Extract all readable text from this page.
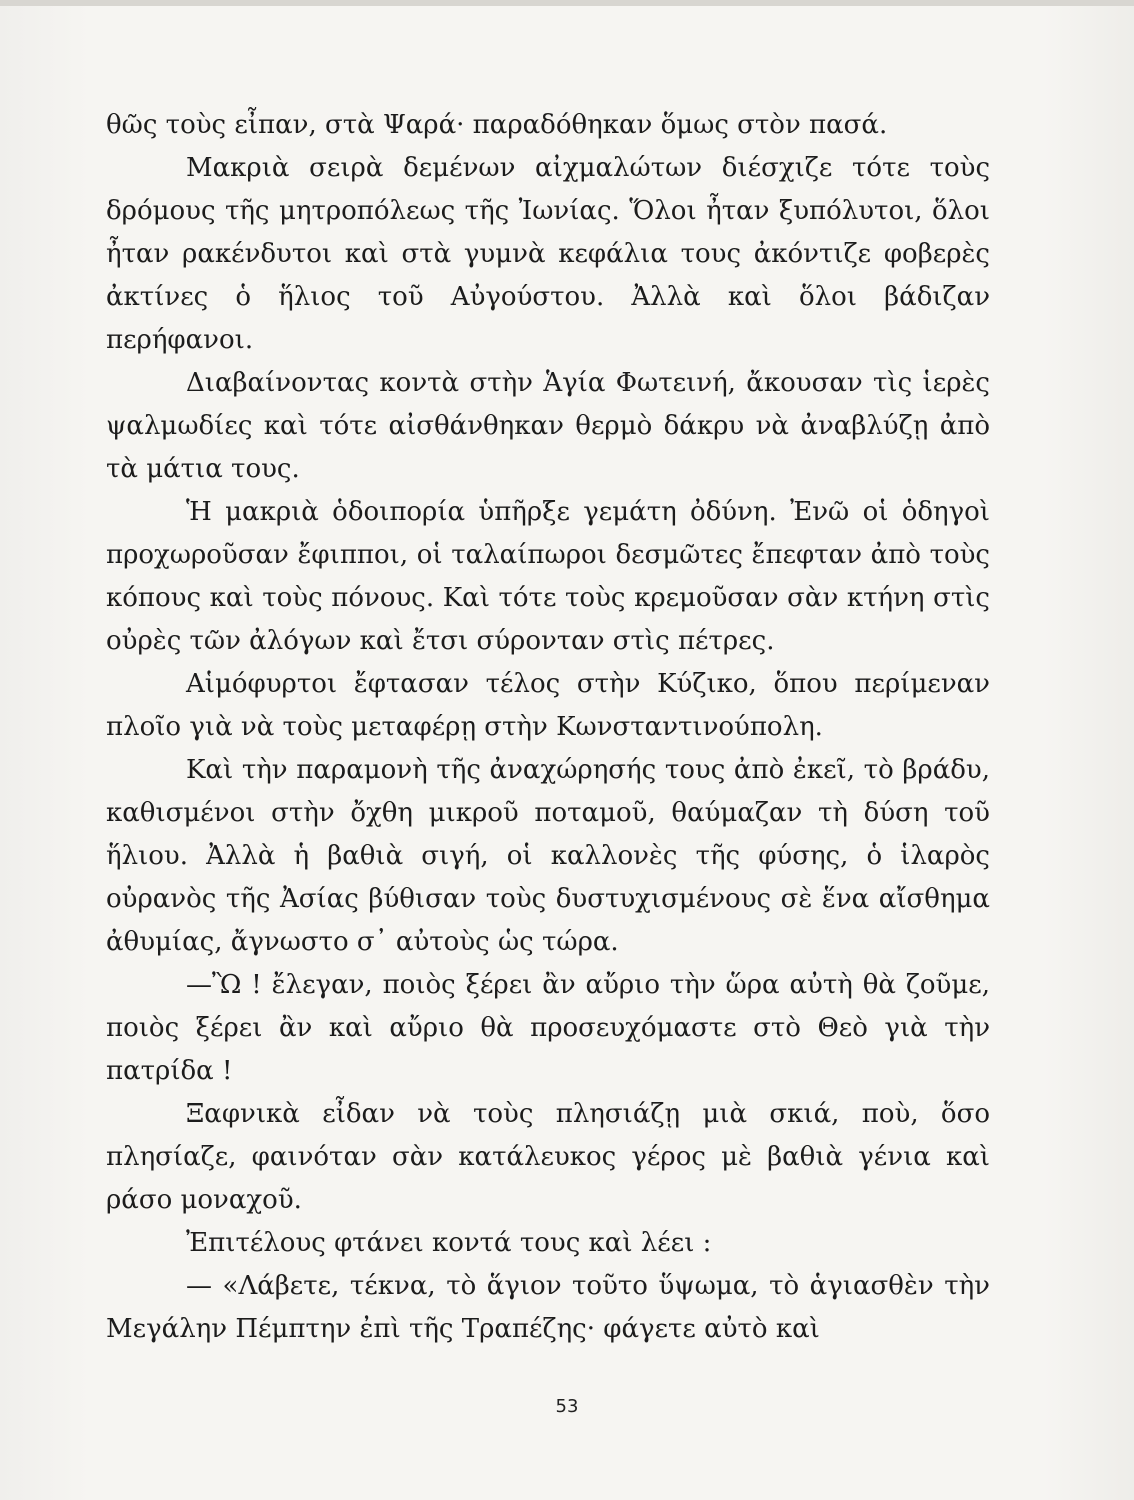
θῶς τοὺς εἶπαν, στὰ Ψαρά· παραδόθηκαν ὅμως στὸν πασά.

Μακριὰ σειρὰ δεμένων αἰχμαλώτων διέσχιζε τότε τοὺς δρόμους τῆς μητροπόλεως τῆς Ἰωνίας. Ὅλοι ἦταν ξυπόλυτοι, ὅλοι ἦταν ρακένδυτοι καὶ στὰ γυμνὰ κεφάλια τους ἀκόντιζε φοβερὲς ἀκτίνες ὁ ἥλιος τοῦ Αὐγούστου. Ἀλλὰ καὶ ὅλοι βάδιζαν περήφανοι.

Διαβαίνοντας κοντὰ στὴν Ἁγία Φωτεινή, ἄκουσαν τὶς ἱερὲς ψαλμωδίες καὶ τότε αἰσθάνθηκαν θερμὸ δάκρυ νὰ ἀναβλύζῃ ἀπὸ τὰ μάτια τους.

Ἡ μακριὰ ὁδοιπορία ὑπῆρξε γεμάτη ὀδύνη. Ἐνῶ οἱ ὁδηγοὶ προχωροῦσαν ἔφιπποι, οἱ ταλαίπωροι δεσμῶτες ἔπεφταν ἀπὸ τοὺς κόπους καὶ τοὺς πόνους. Καὶ τότε τοὺς κρεμοῦσαν σὰν κτήνη στὶς οὐρὲς τῶν ἀλόγων καὶ ἔτσι σύρονταν στὶς πέτρες.

Αἱμόφυρτοι ἔφτασαν τέλος στὴν Κύζικο, ὅπου περίμεναν πλοῖο γιὰ νὰ τοὺς μεταφέρῃ στὴν Κωνσταντινούπολη.

Καὶ τὴν παραμονὴ τῆς ἀναχώρησής τους ἀπὸ ἐκεῖ, τὸ βράδυ, καθισμένοι στὴν ὄχθη μικροῦ ποταμοῦ, θαύμαζαν τὴ δύση τοῦ ἥλιου. Ἀλλὰ ἡ βαθιὰ σιγή, οἱ καλλονὲς τῆς φύσης, ὁ ἱλαρὸς οὐρανὸς τῆς Ἀσίας βύθισαν τοὺς δυστυχισμένους σὲ ἕνα αἴσθημα ἀθυμίας, ἄγνωστο σ᾿ αὐτοὺς ὡς τώρα.

—Ὢ ! ἔλεγαν, ποιὸς ξέρει ἂν αὔριο τὴν ὥρα αὐτὴ θὰ ζοῦμε, ποιὸς ξέρει ἂν καὶ αὔριο θὰ προσευχόμαστε στὸ Θεὸ γιὰ τὴν πατρίδα !

Ξαφνικὰ εἶδαν νὰ τοὺς πλησιάζῃ μιὰ σκιά, ποὺ, ὅσο πλησίαζε, φαινόταν σὰν κατάλευκος γέρος μὲ βαθιὰ γένια καὶ ράσο μοναχοῦ.

Ἐπιτέλους φτάνει κοντά τους καὶ λέει :

— «Λάβετε, τέκνα, τὸ ἅγιον τοῦτο ὕψωμα, τὸ ἁγιασθὲν τὴν Μεγάλην Πέμπτην ἐπὶ τῆς Τραπέζης· φάγετε αὐτὸ καὶ

53
